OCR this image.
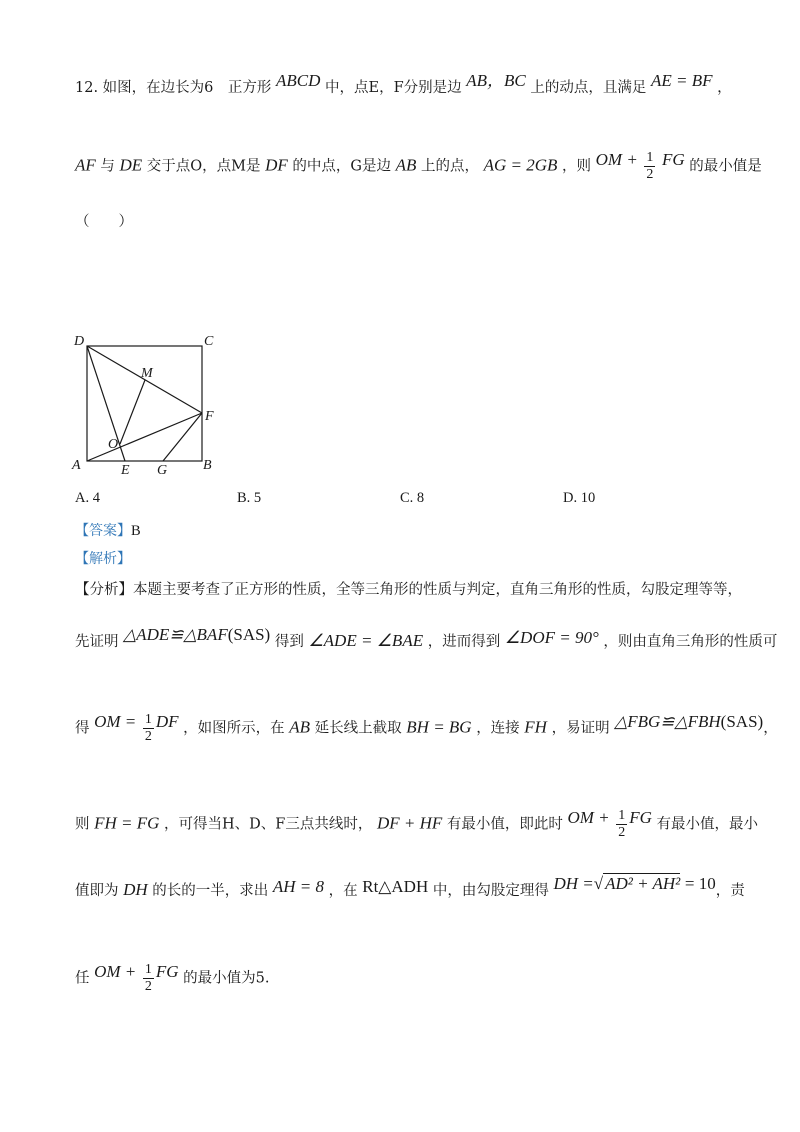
12. 如图，在边长为6　正方形 ABCD 中，点E，F分别是边 AB，BC 上的动点，且满足 AE = BF ，
AF 与 DE 交于点O，点M是 DF 的中点，G是边 AB 上的点， AG = 2GB ，则 OM + $\frac{1}{2}$ FG 的最小值是
（　　）
D	C
M
F
O
A	E G	B
A. 4	B. 5	C. 8	D. 10
【答案】B
【解析】
【分析】本题主要考查了正方形的性质，全等三角形的性质与判定，直角三角形的性质，勾股定理等等，
先证明 △ADE≌△BAF(SAS) 得到 ∠ADE = ∠BAE ，进而得到 ∠DOF = 90° ，则由直角三角形的性质可
得 OM = $\frac{1}{2}$ DF ，如图所示，在 AB 延长线上截取 BH = BG ，连接 FH ，易证明 △FBG≌△FBH(SAS)，
则 FH = FG ，可得当H、D、F三点共线时， DF + HF 有最小值，即此时 OM + $\frac{1}{2}$ FG 有最小值，最小
值即为 DH 的长的一半，求出 AH = 8 ，在 Rt△ADH 中，由勾股定理得 DH =√ AD² + AH² = 10，责
任 OM + $\frac{1}{2}$ FG 的最小值为5.
